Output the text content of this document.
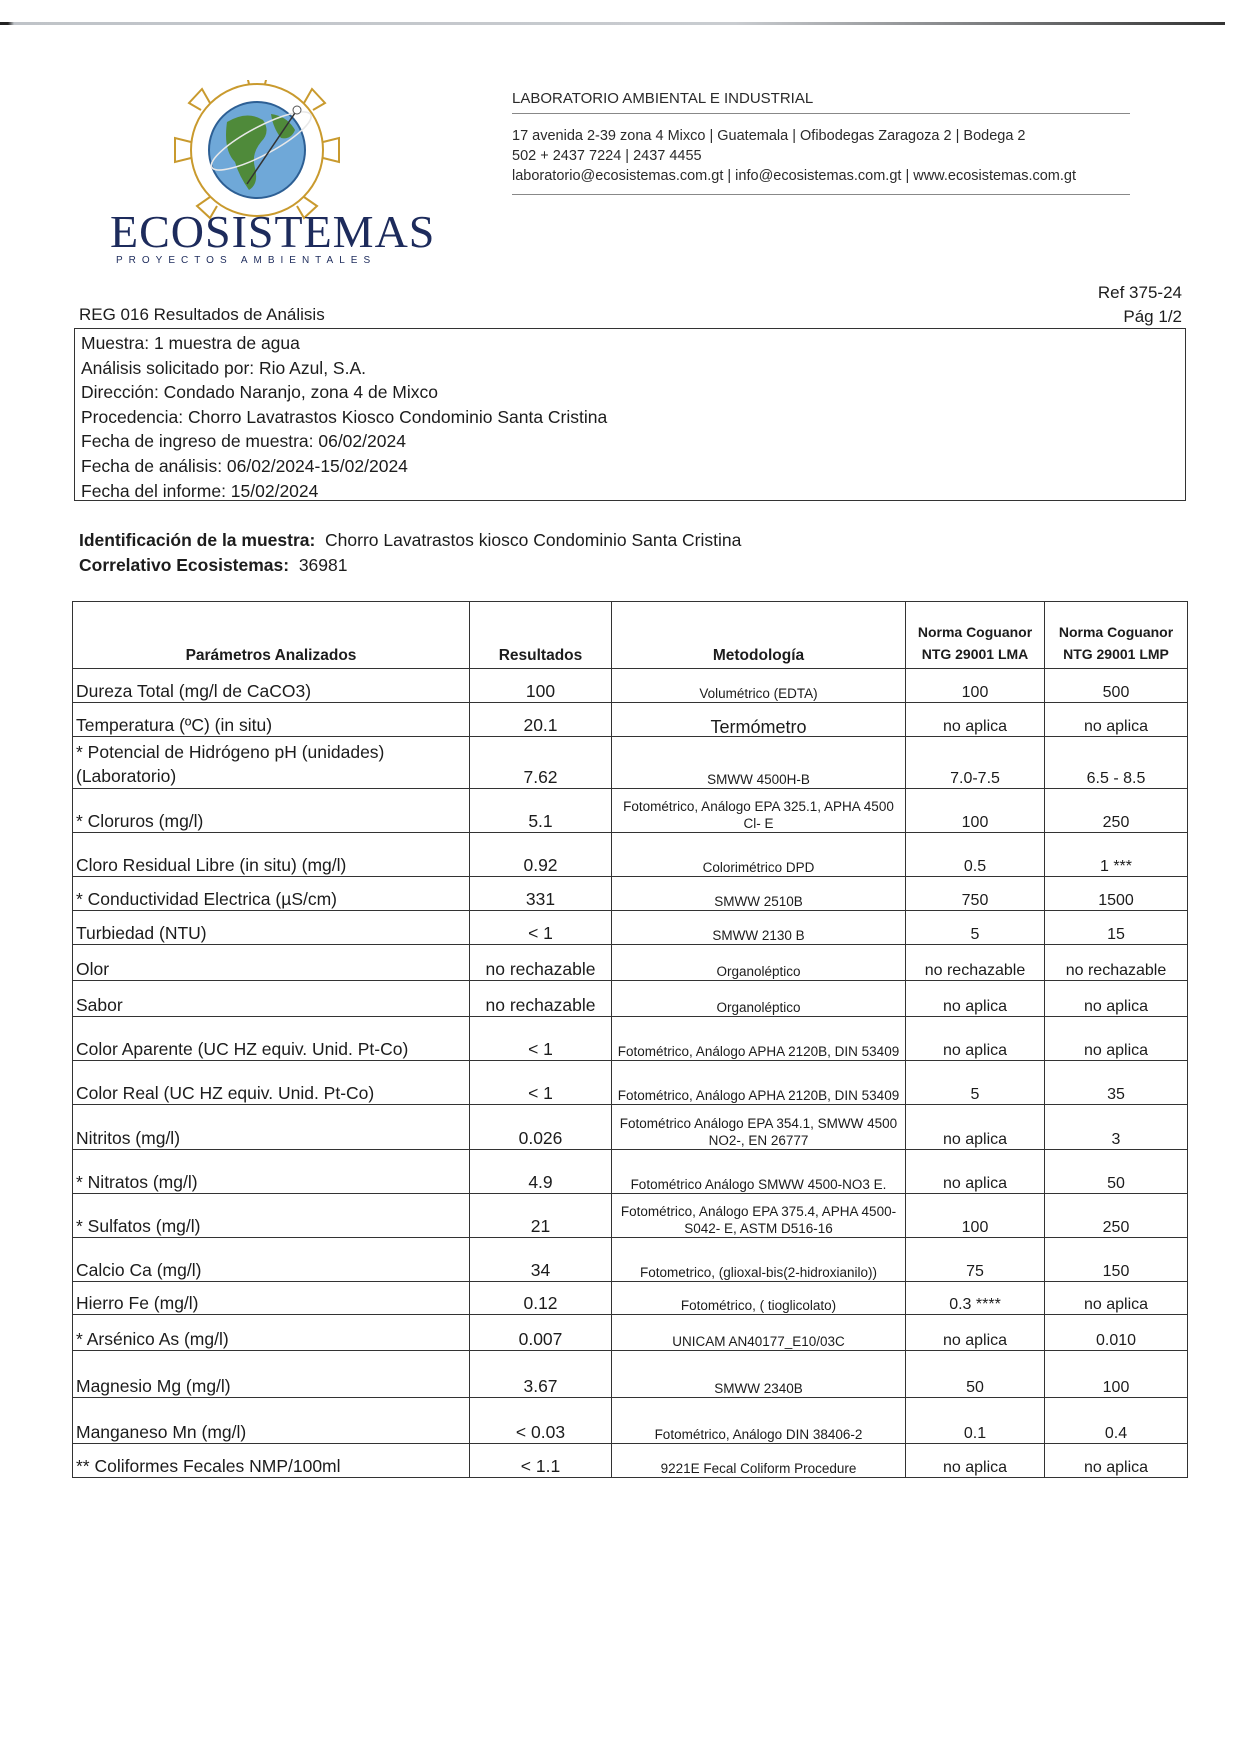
ECOSISTEMAS
PROYECTOS AMBIENTALES
LABORATORIO AMBIENTAL E INDUSTRIAL
17 avenida 2-39 zona 4 Mixco | Guatemala | Ofibodegas Zaragoza 2 | Bodega 2
502 + 2437 7224 | 2437 4455
laboratorio@ecosistemas.com.gt | info@ecosistemas.com.gt | www.ecosistemas.com.gt
Ref 375-24
Pág 1/2
REG 016 Resultados de Análisis
Muestra: 1 muestra de agua
Análisis solicitado por: Rio Azul, S.A.
Dirección: Condado Naranjo, zona 4 de Mixco
Procedencia: Chorro Lavatrastos Kiosco Condominio Santa Cristina
Fecha de ingreso de muestra: 06/02/2024
Fecha de análisis: 06/02/2024-15/02/2024
Fecha del informe: 15/02/2024
Identificación de la muestra: Chorro Lavatrastos kiosco Condominio Santa Cristina
Correlativo Ecosistemas: 36981
Parámetros Analizados	Resultados	Metodología	Norma Coguanor NTG 29001 LMA	Norma Coguanor NTG 29001 LMP
Dureza Total (mg/l de CaCO3)	100	Volumétrico (EDTA)	100	500
Temperatura (ºC) (in situ)	20.1	Termómetro	no aplica	no aplica
* Potencial de Hidrógeno pH (unidades) (Laboratorio)	7.62	SMWW 4500H-B	7.0-7.5	6.5 - 8.5
* Cloruros (mg/l)	5.1	Fotométrico, Análogo EPA 325.1, APHA 4500 Cl- E	100	250
Cloro Residual Libre (in situ) (mg/l)	0.92	Colorimétrico DPD	0.5	1 ***
* Conductividad Electrica (µS/cm)	331	SMWW 2510B	750	1500
Turbiedad (NTU)	< 1	SMWW 2130 B	5	15
Olor	no rechazable	Organoléptico	no rechazable	no rechazable
Sabor	no rechazable	Organoléptico	no aplica	no aplica
Color Aparente (UC HZ equiv. Unid. Pt-Co)	< 1	Fotométrico, Análogo APHA 2120B, DIN 53409	no aplica	no aplica
Color Real (UC HZ equiv. Unid. Pt-Co)	< 1	Fotométrico, Análogo APHA 2120B, DIN 53409	5	35
Nitritos (mg/l)	0.026	Fotométrico Análogo EPA 354.1, SMWW 4500 NO2-, EN 26777	no aplica	3
* Nitratos (mg/l)	4.9	Fotométrico Análogo SMWW 4500-NO3 E.	no aplica	50
* Sulfatos (mg/l)	21	Fotométrico, Análogo EPA 375.4, APHA 4500-S042- E, ASTM D516-16	100	250
Calcio Ca (mg/l)	34	Fotometrico, (glioxal-bis(2-hidroxianilo))	75	150
Hierro Fe (mg/l)	0.12	Fotométrico, ( tioglicolato)	0.3 ****	no aplica
* Arsénico As (mg/l)	0.007	UNICAM AN40177_E10/03C	no aplica	0.010
Magnesio Mg (mg/l)	3.67	SMWW 2340B	50	100
Manganeso Mn (mg/l)	< 0.03	Fotométrico, Análogo DIN 38406-2	0.1	0.4
** Coliformes Fecales NMP/100ml	< 1.1	9221E Fecal Coliform Procedure	no aplica	no aplica
